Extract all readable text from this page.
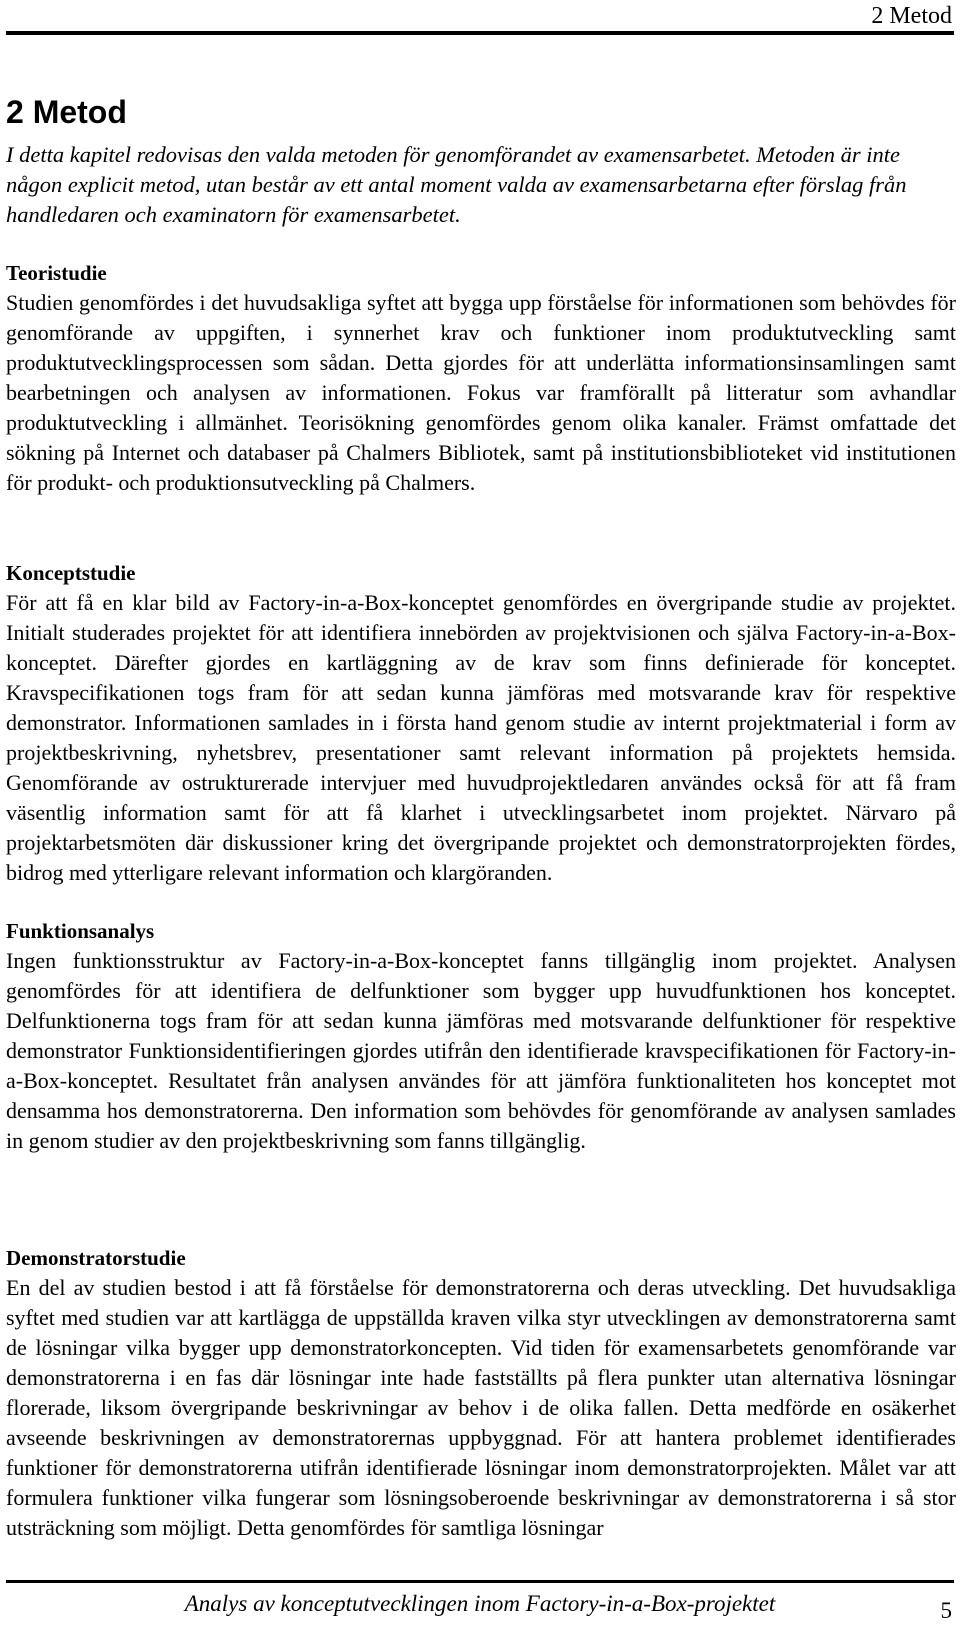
2 Metod
2 Metod

I detta kapitel redovisas den valda metoden för genomförandet av examensarbetet. Metoden är inte någon explicit metod, utan består av ett antal moment valda av examensarbetarna efter förslag från handledaren och examinatorn för examensarbetet.

Teoristudie

Studien genomfördes i det huvudsakliga syftet att bygga upp förståelse för informationen som behövdes för genomförande av uppgiften, i synnerhet krav och funktioner inom produktutveckling samt produktutvecklingsprocessen som sådan. Detta gjordes för att underlätta informationsinsamlingen samt bearbetningen och analysen av informationen. Fokus var framförallt på litteratur som avhandlar produktutveckling i allmänhet. Teorisökning genomfördes genom olika kanaler. Främst omfattade det sökning på Internet och databaser på Chalmers Bibliotek, samt på institutionsbiblioteket vid institutionen för produkt- och produktionsutveckling på Chalmers.

Konceptstudie

För att få en klar bild av Factory-in-a-Box-konceptet genomfördes en övergripande studie av projektet. Initialt studerades projektet för att identifiera innebörden av projektvisionen och själva Factory-in-a-Box-konceptet. Därefter gjordes en kartläggning av de krav som finns definierade för konceptet. Kravspecifikationen togs fram för att sedan kunna jämföras med motsvarande krav för respektive demonstrator. Informationen samlades in i första hand genom studie av internt projektmaterial i form av projektbeskrivning, nyhetsbrev, presentationer samt relevant information på projektets hemsida. Genomförande av ostrukturerade intervjuer med huvudprojektledaren användes också för att få fram väsentlig information samt för att få klarhet i utvecklingsarbetet inom projektet. Närvaro på projektarbetsmöten där diskussioner kring det övergripande projektet och demonstratorprojekten fördes, bidrog med ytterligare relevant information och klargöranden.

Funktionsanalys

Ingen funktionsstruktur av Factory-in-a-Box-konceptet fanns tillgänglig inom projektet. Analysen genomfördes för att identifiera de delfunktioner som bygger upp huvudfunktionen hos konceptet. Delfunktionerna togs fram för att sedan kunna jämföras med motsvarande delfunktioner för respektive demonstrator Funktionsidentifieringen gjordes utifrån den identifierade kravspecifikationen för Factory-in-a-Box-konceptet. Resultatet från analysen användes för att jämföra funktionaliteten hos konceptet mot densamma hos demonstratorerna. Den information som behövdes för genomförande av analysen samlades in genom studier av den projektbeskrivning som fanns tillgänglig.

Demonstratorstudie

En del av studien bestod i att få förståelse för demonstratorerna och deras utveckling. Det huvudsakliga syftet med studien var att kartlägga de uppställda kraven vilka styr utvecklingen av demonstratorerna samt de lösningar vilka bygger upp demonstratorkoncepten. Vid tiden för examensarbetets genomförande var demonstratorerna i en fas där lösningar inte hade fastställts på flera punkter utan alternativa lösningar florerade, liksom övergripande beskrivningar av behov i de olika fallen. Detta medförde en osäkerhet avseende beskrivningen av demonstratorernas uppbyggnad. För att hantera problemet identifierades funktioner för demonstratorerna utifrån identifierade lösningar inom demonstratorprojekten. Målet var att formulera funktioner vilka fungerar som lösningsoberoende beskrivningar av demonstratorerna i så stor utsträckning som möjligt. Detta genomfördes för samtliga lösningar

Analys av konceptutvecklingen inom Factory-in-a-Box-projektet	5
